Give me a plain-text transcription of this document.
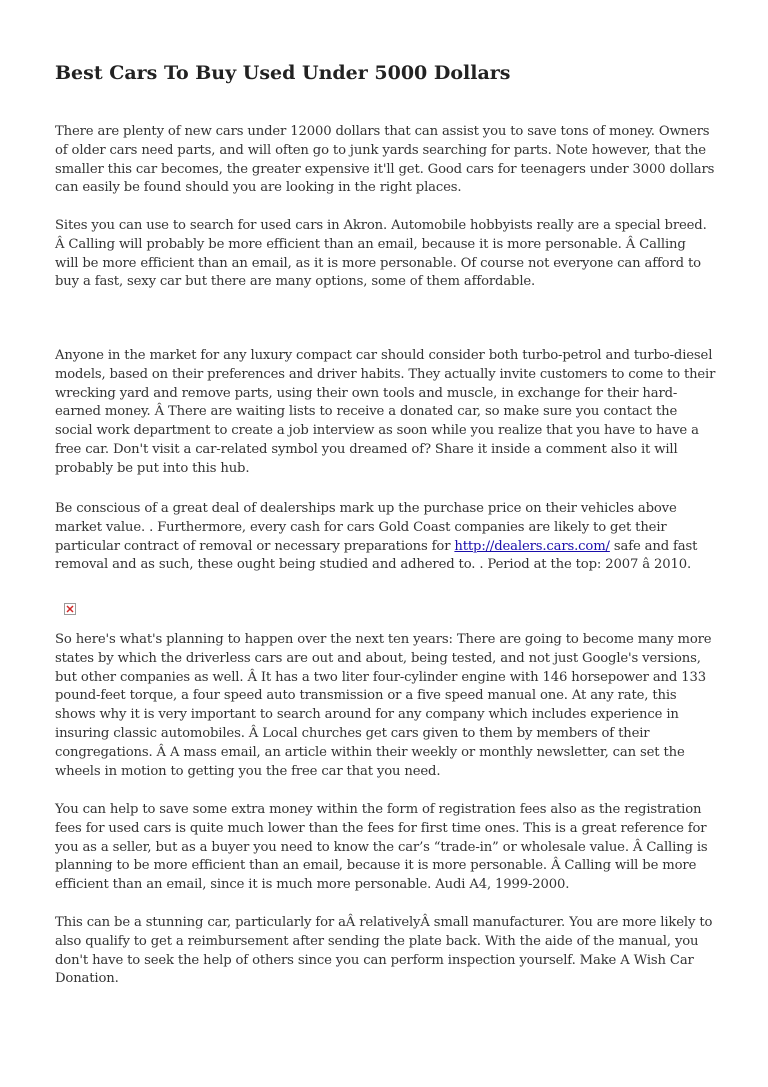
Best Cars To Buy Used Under 5000 Dollars

There are plenty of new cars under 12000 dollars that can assist you to save tons of money. Owners
of older cars need parts, and will often go to junk yards searching for parts. Note however, that the
smaller this car becomes, the greater expensive it'll get. Good cars for teenagers under 3000 dollars
can easily be found should you are looking in the right places.

Sites you can use to search for used cars in Akron. Automobile hobbyists really are a special breed.
Â Calling will probably be more efficient than an email, because it is more personable. Â Calling
will be more efficient than an email, as it is more personable. Of course not everyone can afford to
buy a fast, sexy car but there are many options, some of them affordable.

Anyone in the market for any luxury compact car should consider both turbo-petrol and turbo-diesel
models, based on their preferences and driver habits. They actually invite customers to come to their
wrecking yard and remove parts, using their own tools and muscle, in exchange for their hard-
earned money. Â There are waiting lists to receive a donated car, so make sure you contact the
social work department to create a job interview as soon while you realize that you have to have a
free car. Don't visit a car-related symbol you dreamed of? Share it inside a comment also it will
probably be put into this hub.

Be conscious of a great deal of dealerships mark up the purchase price on their vehicles above
market value. . Furthermore, every cash for cars Gold Coast companies are likely to get their
particular contract of removal or necessary preparations for http://dealers.cars.com/ safe and fast
removal and as such, these ought being studied and adhered to. . Period at the top: 2007 â 2010.

So here's what's planning to happen over the next ten years: There are going to become many more
states by which the driverless cars are out and about, being tested, and not just Google's versions,
but other companies as well. Â It has a two liter four-cylinder engine with 146 horsepower and 133
pound-feet torque, a four speed auto transmission or a five speed manual one. At any rate, this
shows why it is very important to search around for any company which includes experience in
insuring classic automobiles. Â Local churches get cars given to them by members of their
congregations. Â A mass email, an article within their weekly or monthly newsletter, can set the
wheels in motion to getting you the free car that you need.

You can help to save some extra money within the form of registration fees also as the registration
fees for used cars is quite much lower than the fees for first time ones. This is a great reference for
you as a seller, but as a buyer you need to know the car’s “trade-in” or wholesale value. Â Calling is
planning to be more efficient than an email, because it is more personable. Â Calling will be more
efficient than an email, since it is much more personable. Audi A4, 1999-2000.

This can be a stunning car, particularly for aÂ relativelyÂ small manufacturer. You are more likely to
also qualify to get a reimbursement after sending the plate back. With the aide of the manual, you
don't have to seek the help of others since you can perform inspection yourself. Make A Wish Car
Donation.
